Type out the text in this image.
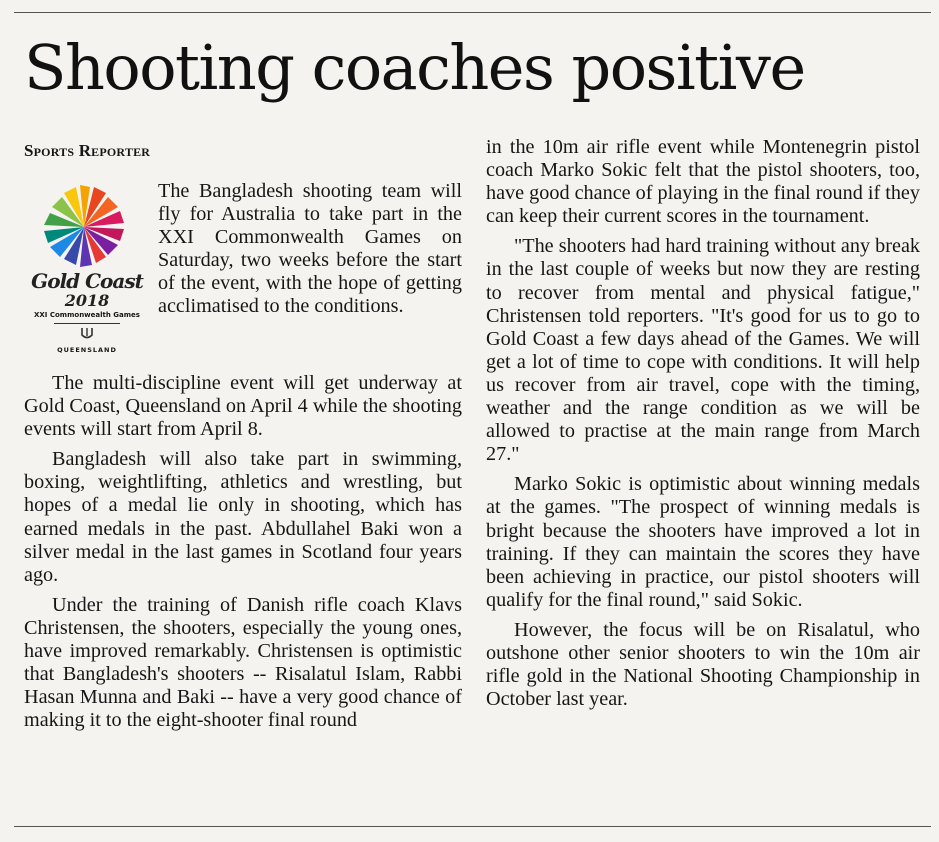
Shooting coaches positive
Sports Reporter
Gold Coast
2018
XXI Commonwealth Games
QUEENSLAND

The Bangladesh shooting team will fly for Australia to take part in the XXI Commonwealth Games on Saturday, two weeks before the start of the event, with the hope of getting acclimatised to the conditions.

The multi-discipline event will get underway at Gold Coast, Queensland on April 4 while the shooting events will start from April 8.

Bangladesh will also take part in swimming, boxing, weightlifting, athletics and wrestling, but hopes of a medal lie only in shooting, which has earned medals in the past. Abdullahel Baki won a silver medal in the last games in Scotland four years ago.

Under the training of Danish rifle coach Klavs Christensen, the shooters, especially the young ones, have improved remarkably. Christensen is optimistic that Bangladesh's shooters -- Risalatul Islam, Rabbi Hasan Munna and Baki -- have a very good chance of making it to the eight-shooter final round

in the 10m air rifle event while Montenegrin pistol coach Marko Sokic felt that the pistol shooters, too, have good chance of playing in the final round if they can keep their current scores in the tournament.

"The shooters had hard training without any break in the last couple of weeks but now they are resting to recover from mental and physical fatigue," Christensen told reporters. "It's good for us to go to Gold Coast a few days ahead of the Games. We will get a lot of time to cope with conditions. It will help us recover from air travel, cope with the timing, weather and the range condition as we will be allowed to practise at the main range from March 27."

Marko Sokic is optimistic about winning medals at the games. "The prospect of winning medals is bright because the shooters have improved a lot in training. If they can maintain the scores they have been achieving in practice, our pistol shooters will qualify for the final round," said Sokic.

However, the focus will be on Risalatul, who outshone other senior shooters to win the 10m air rifle gold in the National Shooting Championship in October last year.
